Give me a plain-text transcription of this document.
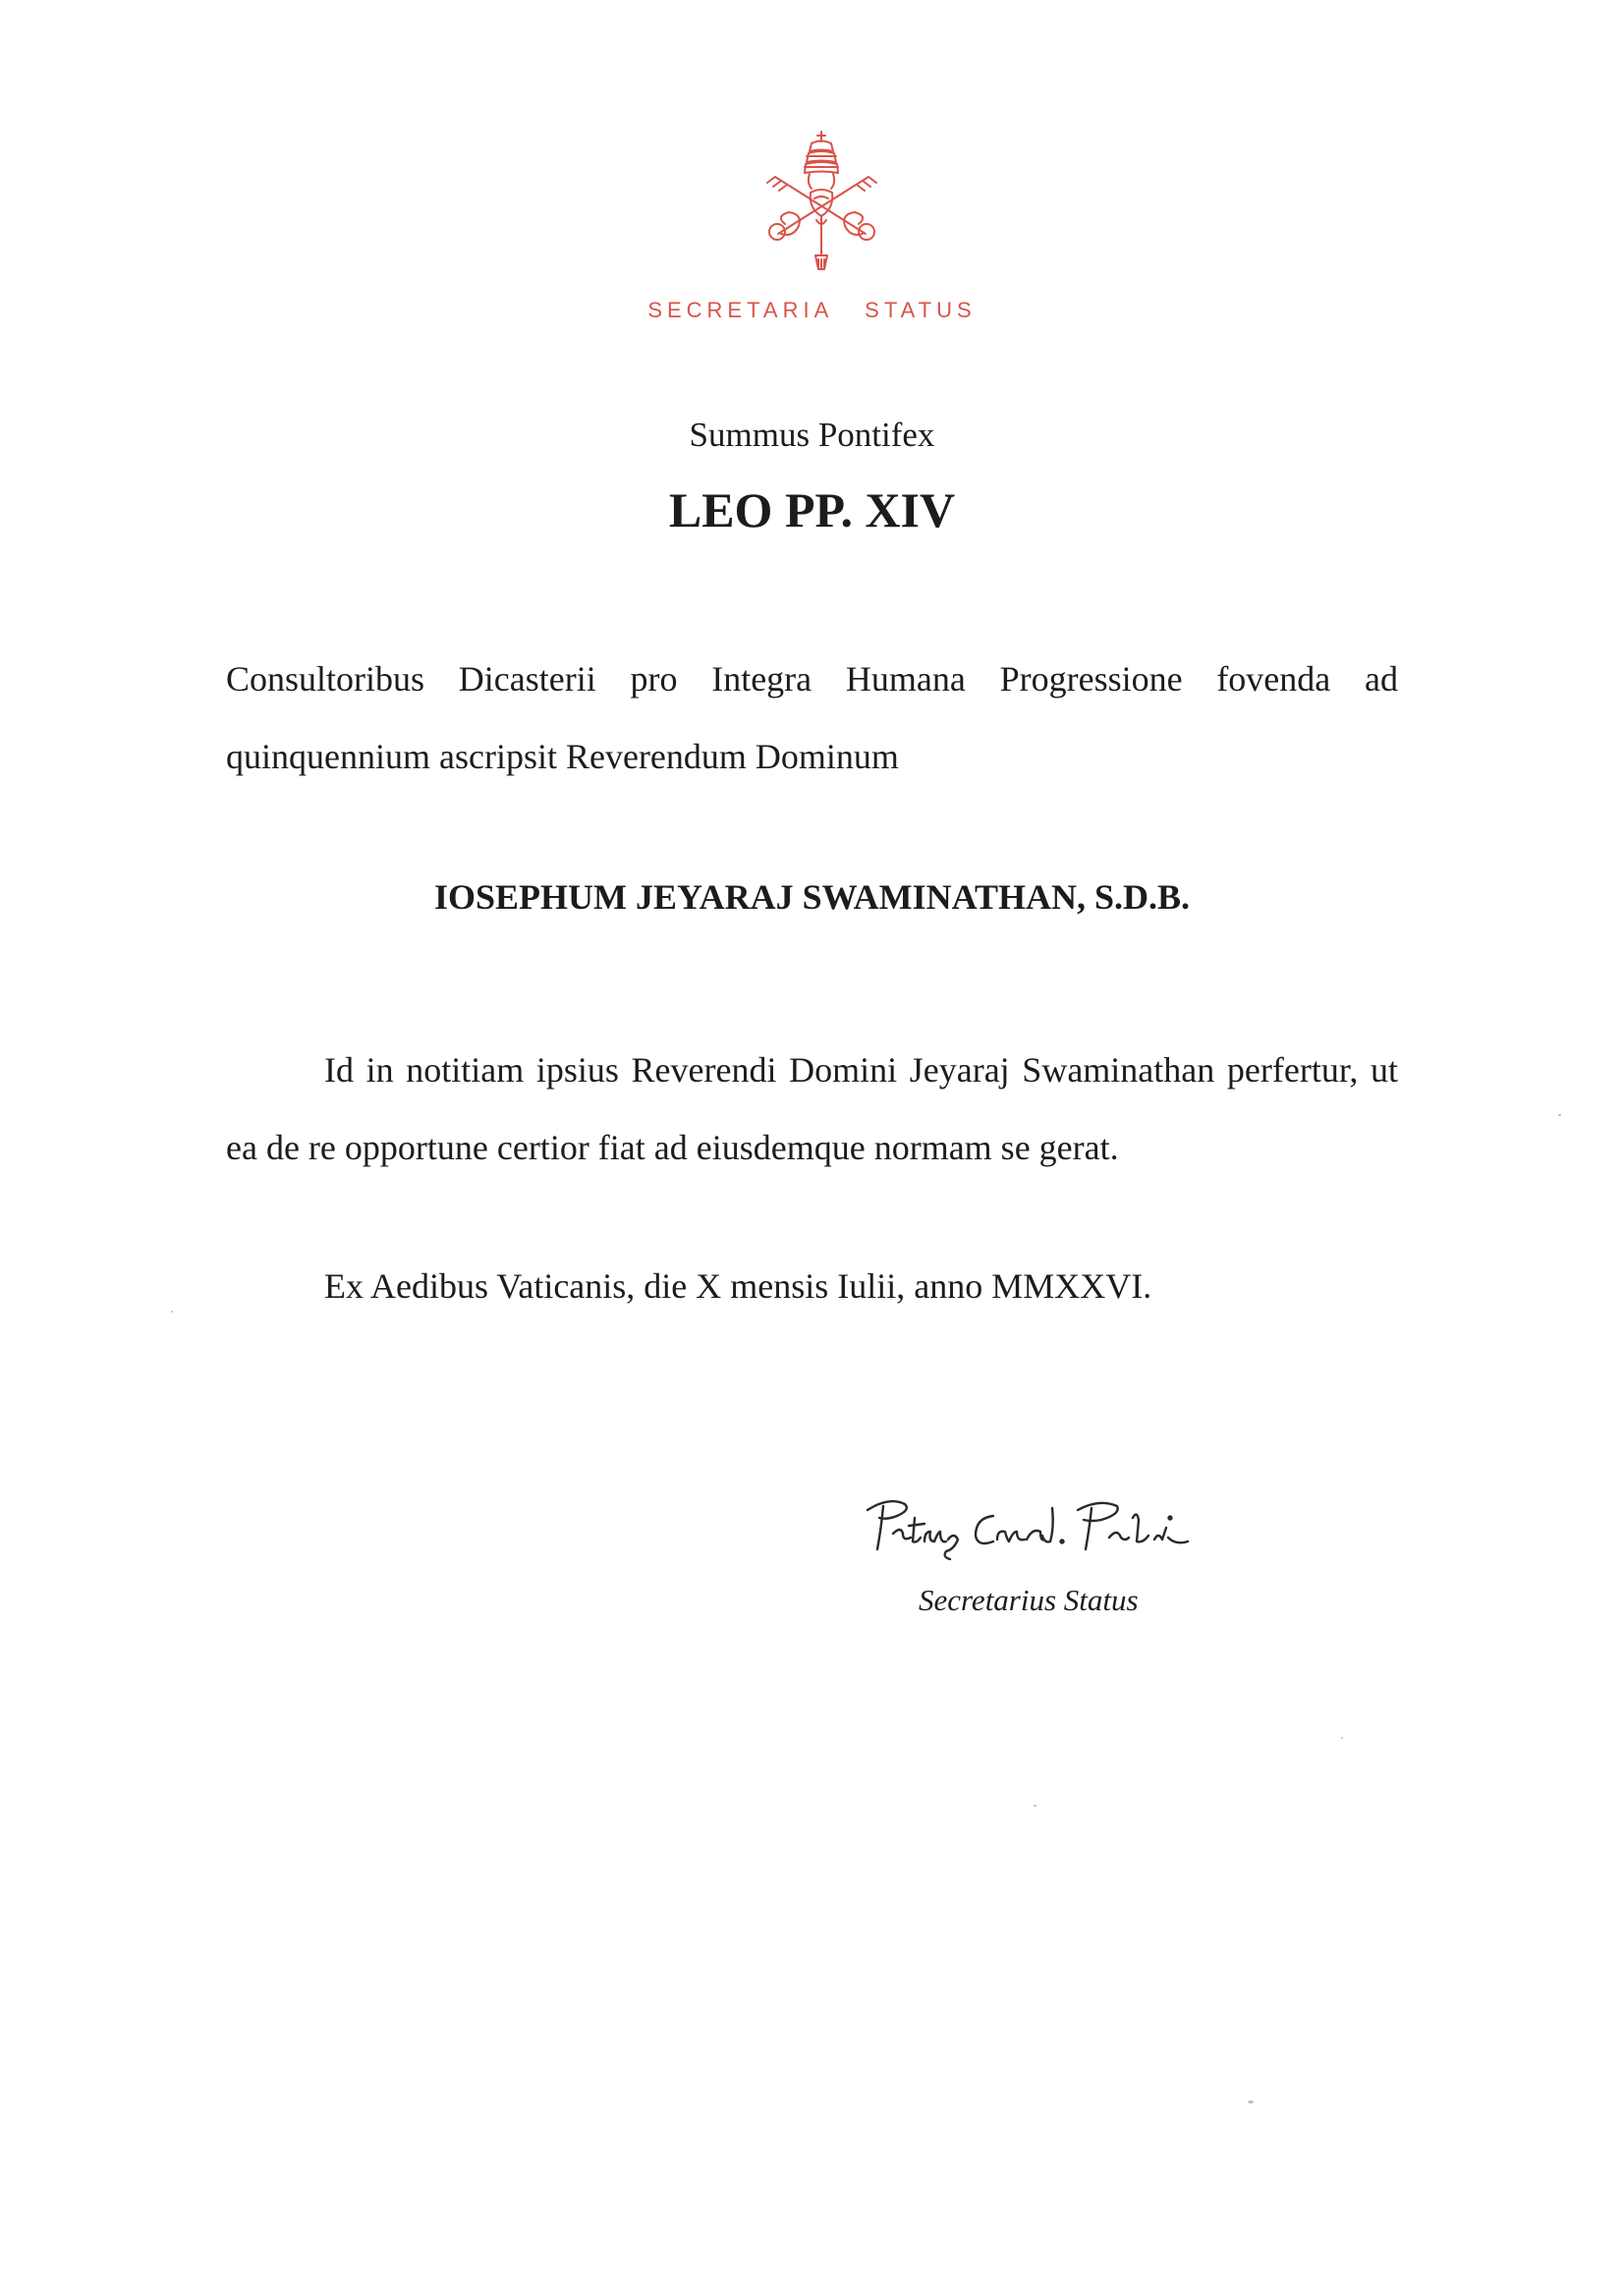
SECRETARIA STATUS
Summus Pontifex
LEO PP. XIV
Consultoribus Dicasterii pro Integra Humana Progressione fovenda ad quinquennium ascripsit Reverendum Dominum
IOSEPHUM JEYARAJ SWAMINATHAN, S.D.B.
Id in notitiam ipsius Reverendi Domini Jeyaraj Swaminathan perfertur, ut ea de re opportune certior fiat ad eiusdemque normam se gerat.
Ex Aedibus Vaticanis, die X mensis Iulii, anno MMXXVI.
Secretarius Status
